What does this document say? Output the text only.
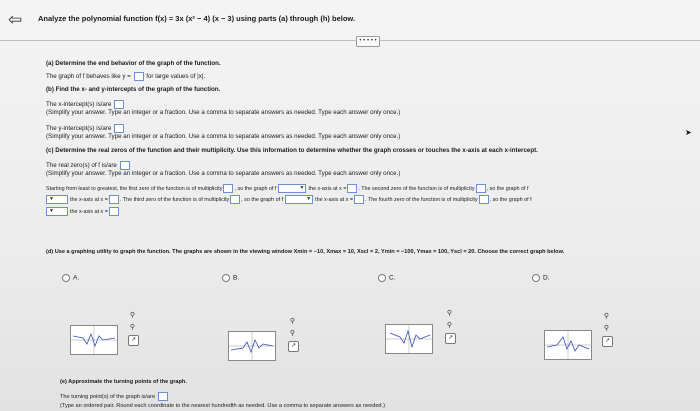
⇦ Analyze the polynomial function f(x) = 3x (x² − 4) (x − 3) using parts (a) through (h) below.
• • • • •
(a) Determine the end behavior of the graph of the function.
The graph of f behaves like y = for large values of |x|.
(b) Find the x- and y-intercepts of the graph of the function.
The x-intercept(s) is/are
(Simplify your answer. Type an integer or a fraction. Use a comma to separate answers as needed. Type each answer only once.)
The y-intercept(s) is/are
(Simplify your answer. Type an integer or a fraction. Use a comma to separate answers as needed. Type each answer only once.)
(c) Determine the real zeros of the function and their multiplicity. Use this information to determine whether the graph crosses or touches the x-axis at each x-intercept.
The real zero(s) of f is/are
(Simplify your answer. Type an integer or a fraction. Use a comma to separate answers as needed. Type each answer only once.)
Starting from least to greatest, the first zero of the function is of multiplicity , so the graph of f ▼	the x-axis at x = . The second zero of the function is of multiplicity , so the graph of f
▼the x-axis at x = . The third zero of the function is of multiplicity , so the graph of f ▼	the x-axis at x = . The fourth zero of the function is of multiplicity , so the graph of f
▼the x-axis at x =
(d) Use a graphing utility to graph the function. The graphs are shown in the viewing window Xmin = −10, Xmax = 10, Xscl = 2, Ymin = −100, Ymax = 100, Yscl = 20. Choose the correct graph below.
A.	B.	C.	D.
⚲
⚲
↗
⚲
⚲
↗
⚲
⚲
↗
⚲
⚲
↗
(e) Approximate the turning points of the graph.
The turning point(s) of the graph is/are
(Type an ordered pair. Round each coordinate to the nearest hundredth as needed. Use a comma to separate answers as needed.)
➤
